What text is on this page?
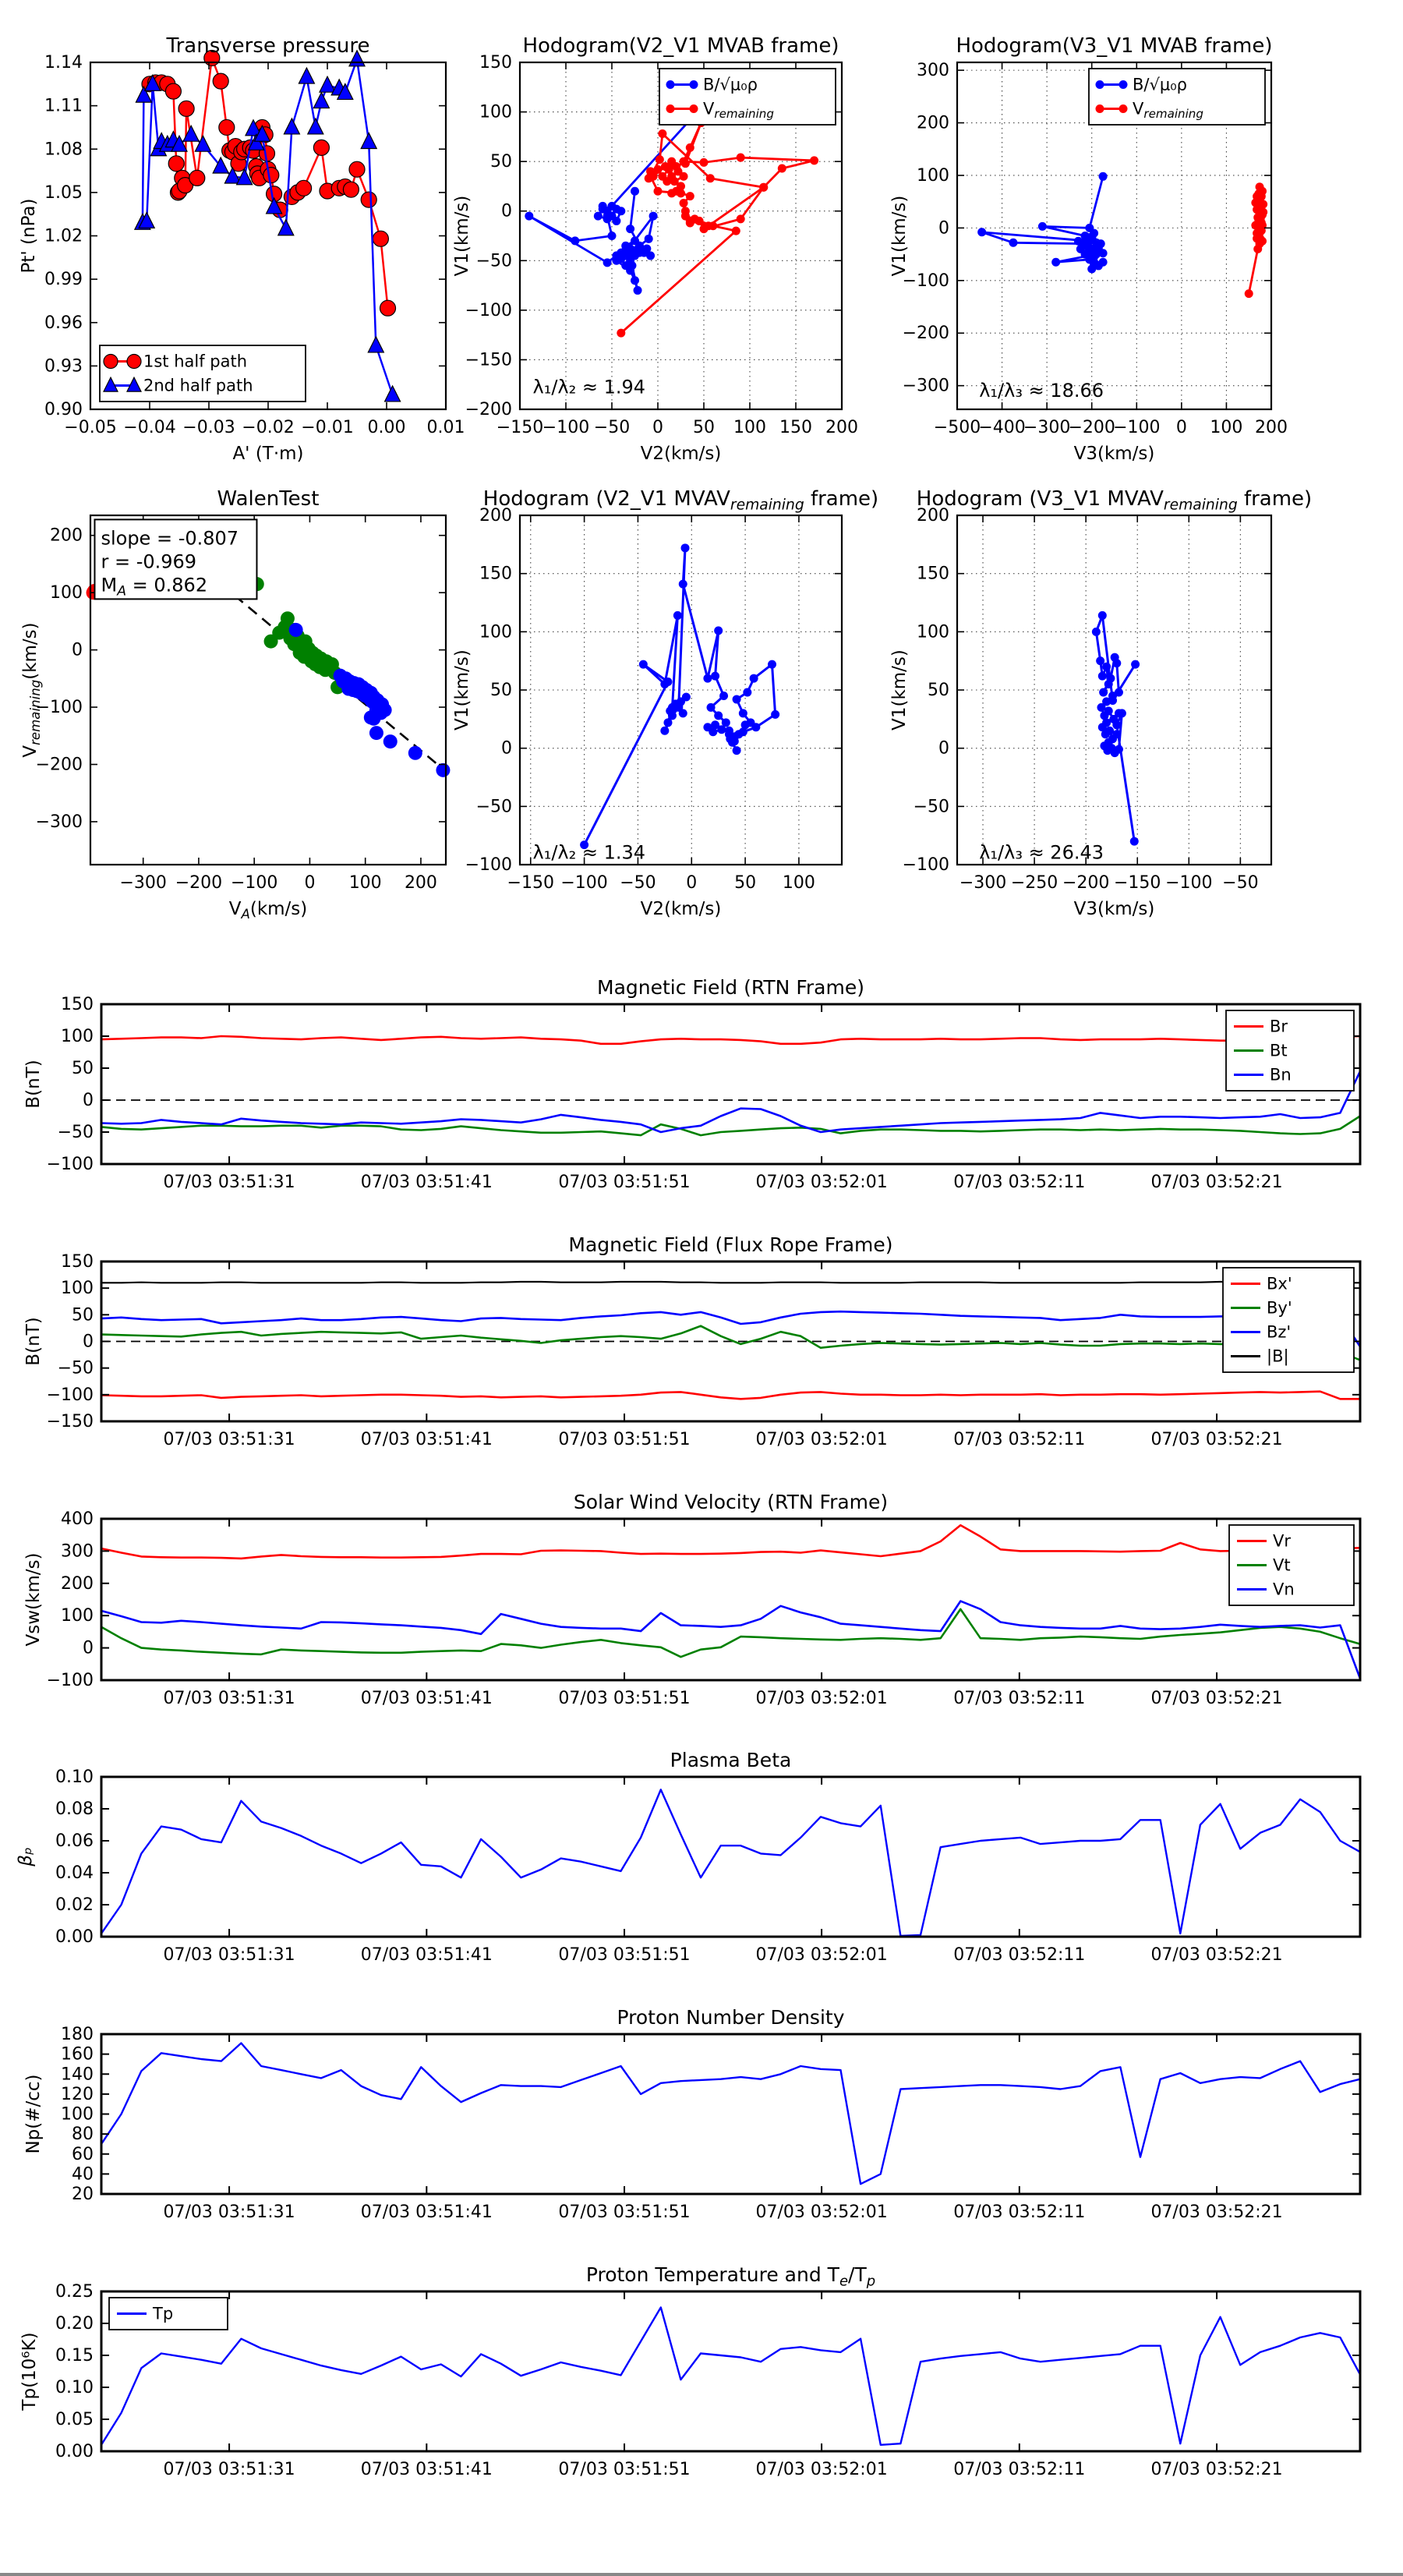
−0.05 −0.04 −0.03 −0.02 −0.01 0.00 0.01
0.90
0.93
0.96
0.99
1.02
1.05
1.08
1.11
1.14
Transverse pressure
A' (T·m)
Pt' (nPa)
1st half path
2nd half path
−150
−100 −50 0 50 100 150 200
−200
−150
−100
−50
0
50
100
150
Hodogram(V2_V1 MVAB frame)
V2(km/s)
V1(km/s)
B/√μ₀ρ
$V_{remaining}$
λ₁/λ₂ ≈ 1.94
−500
−400
−300
−200
−100 0 100 200
−300
−200
−100
0
100
200
300
Hodogram(V3_V1 MVAB frame)
V3(km/s)
V1(km/s)
B/√μ₀ρ
$V_{remaining}$
λ₁/λ₃ ≈ 18.66
−300 −200 −100 0 100 200
−300
−200
−100
0
100
200
WalenTest
$V_A(km/s)$
$V_{remaining}(km/s)$
slope = -0.807
r = -0.969
$M_A = 0.862$
−150 −100 −50 0 50 100
−100
−50
0
50
100
150
200
Hodogram (V2_V1 $MVAV_{remaining}$ frame)
V2(km/s)
V1(km/s)
λ₁/λ₂ ≈ 1.34
−300 −250 −200 −150 −100 −50
−100
−50
0
50
100
150
200
Hodogram (V3_V1 $MVAV_{remaining}$ frame)
V3(km/s)
V1(km/s)
λ₁/λ₃ ≈ 26.43
07/03 03:51:31	07/03 03:51:41	07/03 03:51:51	07/03 03:52:01	07/03 03:52:11	07/03 03:52:21
−100
−50
0
50
100
150
Magnetic Field (RTN Frame)
B(nT)
Br
Bt
Bn
07/03 03:51:31	07/03 03:51:41	07/03 03:51:51	07/03 03:52:01	07/03 03:52:11	07/03 03:52:21
−150
−100
−50
0
50
100
150
Magnetic Field (Flux Rope Frame)
B(nT)
Bx'
By'
Bz'
|B|
07/03 03:51:31	07/03 03:51:41	07/03 03:51:51	07/03 03:52:01	07/03 03:52:11	07/03 03:52:21
−100
0
100
200
300
400
Solar Wind Velocity (RTN Frame)
Vsw(km/s)
Vr
Vt
Vn
07/03 03:51:31	07/03 03:51:41	07/03 03:51:51	07/03 03:52:01	07/03 03:52:11	07/03 03:52:21
0.00
0.02
0.04
0.06
0.08
0.10
Plasma Beta
βₚ
07/03 03:51:31	07/03 03:51:41	07/03 03:51:51	07/03 03:52:01	07/03 03:52:11	07/03 03:52:21
20
40
60
80
100
120
140
160
180
Proton Number Density
Np(#/cc)
07/03 03:51:31	07/03 03:51:41	07/03 03:51:51	07/03 03:52:01	07/03 03:52:11	07/03 03:52:21
0.00
0.05
0.10
0.15
0.20
0.25
Proton Temperature and $T_e/T_p$
Tp(10⁶K)
Tp
